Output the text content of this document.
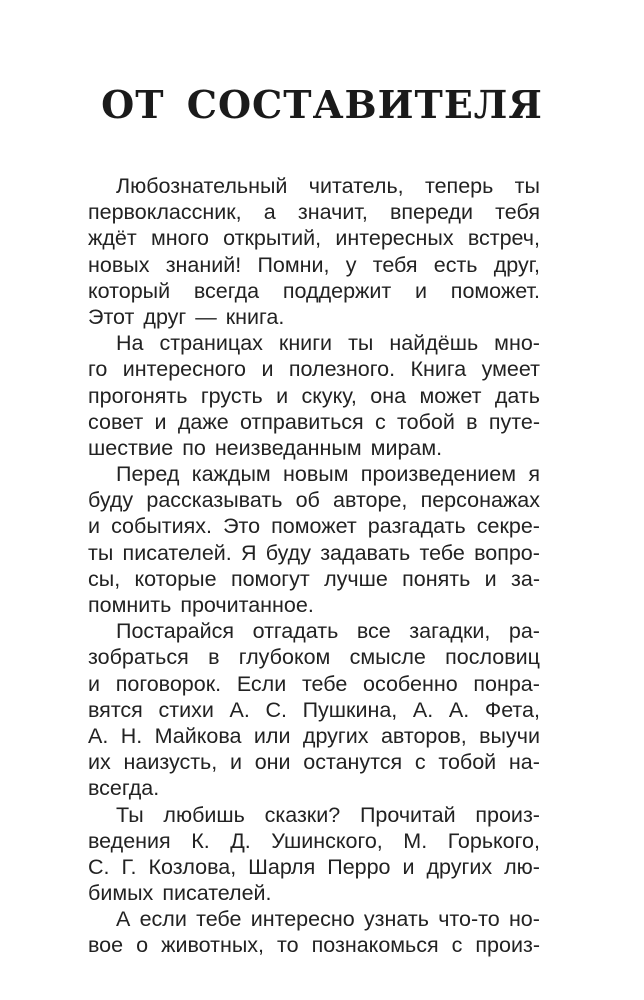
ОТ СОСТАВИТЕЛЯ
Любознательный читатель, теперь ты
первоклассник, а значит, впереди тебя
ждёт много открытий, интересных встреч,
новых знаний! Помни, у тебя есть друг,
который всегда поддержит и поможет.
Этот друг — книга.
На страницах книги ты найдёшь мно-
го интересного и полезного. Книга умеет
прогонять грусть и скуку, она может дать
совет и даже отправиться с тобой в путе-
шествие по неизведанным мирам.
Перед каждым новым произведением я
буду рассказывать об авторе, персонажах
и событиях. Это поможет разгадать секре-
ты писателей. Я буду задавать тебе вопро-
сы, которые помогут лучше понять и за-
помнить прочитанное.
Постарайся отгадать все загадки, ра-
зобраться в глубоком смысле пословиц
и поговорок. Если тебе особенно понра-
вятся стихи А. С. Пушкина, А. А. Фета,
А. Н. Майкова или других авторов, выучи
их наизусть, и они останутся с тобой на-
всегда.
Ты любишь сказки? Прочитай произ-
ведения К. Д. Ушинского, М. Горького,
С. Г. Козлова, Шарля Перро и других лю-
бимых писателей.
А если тебе интересно узнать что-то но-
вое о животных, то познакомься с произ-
